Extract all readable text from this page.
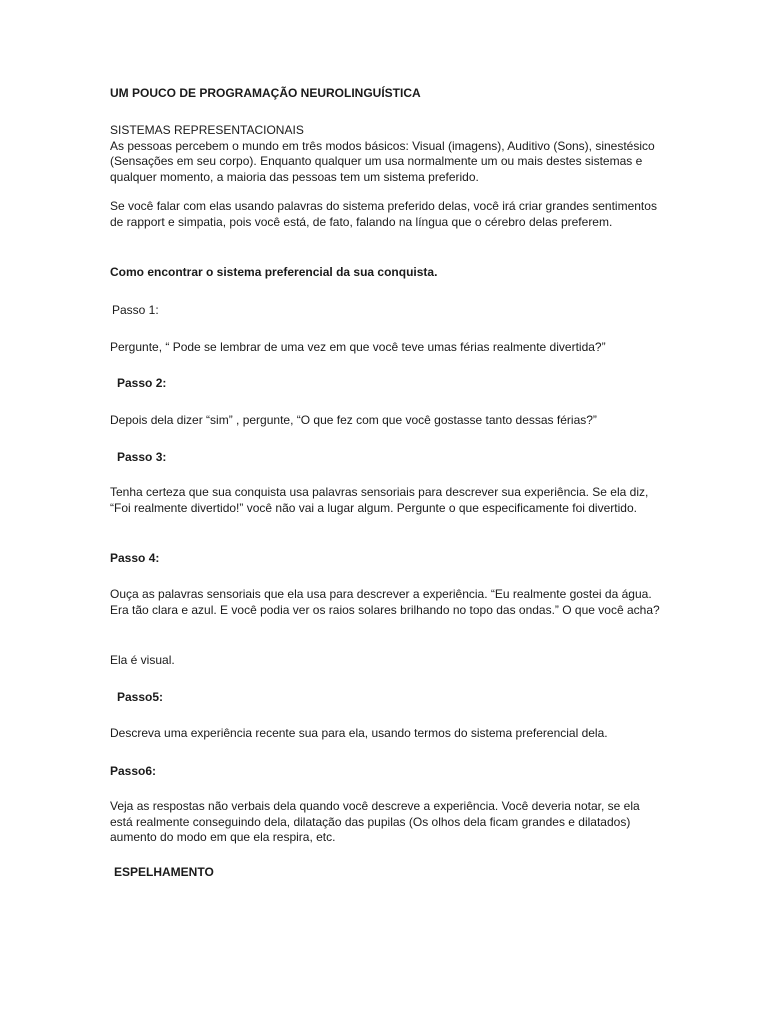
UM POUCO DE PROGRAMAÇÃO NEUROLINGUÍSTICA

SISTEMAS REPRESENTACIONAIS

As pessoas percebem o mundo em três modos básicos: Visual (imagens), Auditivo (Sons), sinestésico (Sensações em seu corpo). Enquanto qualquer um usa normalmente um ou mais destes sistemas e qualquer momento, a maioria das pessoas tem um sistema preferido.

Se você falar com elas usando palavras do sistema preferido delas, você irá criar grandes sentimentos de rapport e simpatia, pois você está, de fato, falando na língua que o cérebro delas preferem.

Como encontrar o sistema preferencial da sua conquista.

Passo 1:

Pergunte, “ Pode se lembrar de uma vez em que você teve umas férias realmente divertida?”

Passo 2:

Depois dela dizer “sim” , pergunte, “O que fez com que você gostasse tanto dessas férias?”

Passo 3:

Tenha certeza que sua conquista usa palavras sensoriais para descrever sua experiência. Se ela diz, “Foi realmente divertido!” você não vai a lugar algum. Pergunte o que especificamente foi divertido.

Passo 4:

Ouça as palavras sensoriais que ela usa para descrever a experiência. “Eu realmente gostei da água. Era tão clara e azul. E você podia ver os raios solares brilhando no topo das ondas.” O que você acha?

Ela é visual.

Passo5:

Descreva uma experiência recente sua para ela, usando termos do sistema preferencial dela.

Passo6:

Veja as respostas não verbais dela quando você descreve a experiência. Você deveria notar, se ela está realmente conseguindo dela, dilatação das pupilas (Os olhos dela ficam grandes e dilatados) aumento do modo em que ela respira, etc.

ESPELHAMENTO
